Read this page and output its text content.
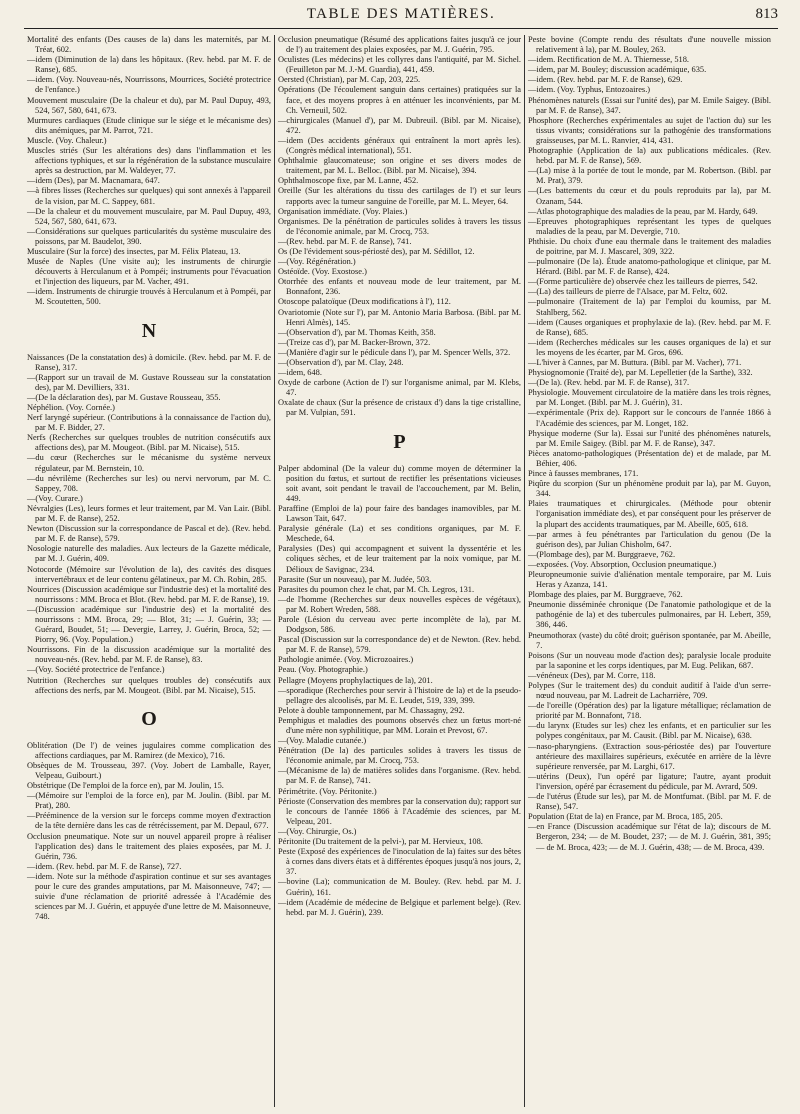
TABLE DES MATIÈRES.	813

Mortalité des enfants (Des causes de la) dans les maternités, par M. Tréat, 602.

—idem (Diminution de la) dans les hôpitaux. (Rev. hebd. par M. F. de Ranse), 685.

—idem. (Voy. Nouveau-nés, Nourrissons, Mourrices, Société protectrice de l'enfance.)

Mouvement musculaire (De la chaleur et du), par M. Paul Dupuy, 493, 524, 567, 580, 641, 673.

Murmures cardiaques (Etude clinique sur le siége et le mécanisme des) dits anémiques, par M. Parrot, 721.

Muscle. (Voy. Chaleur.)

Muscles striés (Sur les altérations des) dans l'inflammation et les affections typhiques, et sur la régénération de la substance musculaire après sa destruction, par M. Waldeyer, 77.

—idem (Des), par M. Macnamara, 647.

—à fibres lisses (Recherches sur quelques) qui sont annexés à l'appareil de la vision, par M. C. Sappey, 681.

—De la chaleur et du mouvement musculaire, par M. Paul Dupuy, 493, 524, 567, 580, 641, 673.

—Considérations sur quelques particularités du système musculaire des poissons, par M. Baudelot, 390.

Musculaire (Sur la force) des insectes, par M. Félix Plateau, 13.

Musée de Naples (Une visite au); les instruments de chirurgie découverts à Herculanum et à Pompéi; instruments pour l'évacuation et l'injection des liqueurs, par M. Vacher, 491.

—idem. Instruments de chirurgie trouvés à Herculanum et à Pompéi, par M. Scoutetten, 500.

N

Naissances (De la constatation des) à domicile. (Rev. hebd. par M. F. de Ranse), 317.

—(Rapport sur un travail de M. Gustave Rousseau sur la constatation des), par M. Devilliers, 331.

—(De la déclaration des), par M. Gustave Rousseau, 355.

Néphélion. (Voy. Cornée.)

Nerf laryngé supérieur. (Contributions à la connaissance de l'action du), par M. F. Bidder, 27.

Nerfs (Recherches sur quelques troubles de nutrition consécutifs aux affections des), par M. Mougeot. (Bibl. par M. Nicaise), 515.

—du cœur (Recherches sur le mécanisme du système nerveux régulateur, par M. Bernstein, 10.

—du névrilème (Recherches sur les) ou nervi nervorum, par M. C. Sappey, 708.

—(Voy. Curare.)

Névralgies (Les), leurs formes et leur traitement, par M. Van Lair. (Bibl. par M. F. de Ranse), 252.

Newton (Discussion sur la correspondance de Pascal et de). (Rev. hebd. par M. F. de Ranse), 579.

Nosologie naturelle des maladies. Aux lecteurs de la Gazette médicale, par M. J. Guérin, 409.

Notocorde (Mémoire sur l'évolution de la), des cavités des disques intervertébraux et de leur contenu gélatineux, par M. Ch. Robin, 285.

Nourrices (Discussion académique sur l'industrie des) et la mortalité des nourrissons : MM. Broca et Blot. (Rev. hebd. par M. F. de Ranse), 19.

—(Discussion académique sur l'industrie des) et la mortalité des nourrissons : MM. Broca, 29; — Blot, 31; — J. Guérin, 33; — Guérard, Boudet, 51; — Devergie, Larrey, J. Guérin, Broca, 52; — Piorry, 96. (Voy. Population.)

Nourrissons. Fin de la discussion académique sur la mortalité des nouveau-nés. (Rev. hebd. par M. F. de Ranse), 83.

—(Voy. Société protectrice de l'enfance.)

Nutrition (Recherches sur quelques troubles de) consécutifs aux affections des nerfs, par M. Mougeot. (Bibl. par M. Nicaise), 515.

O

Oblitération (De l') de veines jugulaires comme complication des affections cardiaques, par M. Ramirez (de Mexico), 716.

Obsèques de M. Trousseau, 397. (Voy. Jobert de Lamballe, Rayer, Velpeau, Guibourt.)

Obstétrique (De l'emploi de la force en), par M. Joulin, 15.

—(Mémoire sur l'emploi de la force en), par M. Joulin. (Bibl. par M. Prat), 280.

—Prééminence de la version sur le forceps comme moyen d'extraction de la tête dernière dans les cas de rétrécissement, par M. Depaul, 677.

Occlusion pneumatique. Note sur un nouvel appareil propre à réaliser l'application des) dans le traitement des plaies exposées, par M. J. Guérin, 736.

—idem. (Rev. hebd. par M. F. de Ranse), 727.

—idem. Note sur la méthode d'aspiration continue et sur ses avantages pour le cure des grandes amputations, par M. Maisonneuve, 747; — suivie d'une réclamation de priorité adressée à l'Académie des sciences par M. J. Guérin, et appuyée d'une lettre de M. Maisonneuve, 748.

Occlusion pneumatique (Résumé des applications faites jusqu'à ce jour de l') au traitement des plaies exposées, par M. J. Guérin, 795.

Oculistes (Les médecins) et les collyres dans l'antiquité, par M. Sichel. (Feuilleton par M. J.-M. Guardia), 441, 459.

Oersted (Christian), par M. Cap, 203, 225.

Opérations (De l'écoulement sanguin dans certaines) pratiquées sur la face, et des moyens propres à en atténuer les inconvénients, par M. Ch. Verneuil, 502.

—chirurgicales (Manuel d'), par M. Dubreuil. (Bibl. par M. Nicaise), 472.

—idem (Des accidents généraux qui entraînent la mort après les). (Congrès médical international), 551.

Ophthalmie glaucomateuse; son origine et ses divers modes de traitement, par M. L. Belloc. (Bibl. par M. Nicaise), 394.

Ophthalmoscope fixe, par M. Lanne, 452.

Oreille (Sur les altérations du tissu des cartilages de l') et sur leurs rapports avec la tumeur sanguine de l'oreille, par M. L. Meyer, 64.

Organisation immédiate. (Voy. Plaies.)

Organismes. De la pénétration de particules solides à travers les tissus de l'économie animale, par M. Crocq, 753.

—(Rev. hebd. par M. F. de Ranse), 741.

Os (De l'évidement sous-périosté des), par M. Sédillot, 12.

—(Voy. Régénération.)

Ostéoïde. (Voy. Exostose.)

Otorrhée des enfants et nouveau mode de leur traitement, par M. Bonnafont, 236.

Otoscope palatoïque (Deux modifications à l'), 112.

Ovariotomie (Note sur l'), par M. Antonio Maria Barbosa. (Bibl. par M. Henri Almès), 145.

—(Observation d'), par M. Thomas Keith, 358.

—(Treize cas d'), par M. Backer-Brown, 372.

—(Manière d'agir sur le pédicule dans l'), par M. Spencer Wells, 372.

—(Observation d'), par M. Clay, 248.

—idem, 648.

Oxyde de carbone (Action de l') sur l'organisme animal, par M. Klebs, 47.

Oxalate de chaux (Sur la présence de cristaux d') dans la tige cristalline, par M. Vulpian, 591.

P

Palper abdominal (De la valeur du) comme moyen de déterminer la position du fœtus, et surtout de rectifier les présentations vicieuses soit avant, soit pendant le travail de l'accouchement, par M. Belin, 449.

Paraffine (Emploi de la) pour faire des bandages inamovibles, par M. Lawson Tait, 647.

Paralysie générale (La) et ses conditions organiques, par M. F. Meschede, 64.

Paralysies (Des) qui accompagnent et suivent la dyssentérie et les coliques sèches, et de leur traitement par la noix vomique, par M. Délioux de Savignac, 234.

Parasite (Sur un nouveau), par M. Judée, 503.

Parasites du poumon chez le chat, par M. Ch. Legros, 131.

—de l'homme (Recherches sur deux nouvelles espèces de végétaux), par M. Robert Wreden, 588.

Parole (Lésion du cerveau avec perte incomplète de la), par M. Dodgson, 586.

Pascal (Discussion sur la correspondance de) et de Newton. (Rev. hebd. par M. F. de Ranse), 579.

Pathologie animée. (Voy. Microzoaires.)

Peau. (Voy. Photographie.)

Pellagre (Moyens prophylactiques de la), 201.

—sporadique (Recherches pour servir à l'histoire de la) et de la pseudo-pellagre des alcoolisés, par M. E. Leudet, 519, 339, 399.

Pelote à double tamponnement, par M. Chassagny, 292.

Pemphigus et maladies des poumons observés chez un fœtus mort-né d'une mère non syphilitique, par MM. Lorain et Prevost, 67.

—(Voy. Maladie cutanée.)

Pénétration (De la) des particules solides à travers les tissus de l'économie animale, par M. Crocq, 753.

—(Mécanisme de la) de matières solides dans l'organisme. (Rev. hebd. par M. F. de Ranse), 741.

Périmétrite. (Voy. Péritonite.)

Périoste (Conservation des membres par la conservation du); rapport sur le concours de l'année 1866 à l'Académie des sciences, par M. Velpeau, 201.

—(Voy. Chirurgie, Os.)

Péritonite (Du traitement de la pelvi-), par M. Hervieux, 108.

Peste (Exposé des expériences de l'inoculation de la) faites sur des bêtes à cornes dans divers états et à différentes époques jusqu'à nos jours, 2, 37.

—bovine (La); communication de M. Bouley. (Rev. hebd. par M. J. Guérin), 161.

—idem (Académie de médecine de Belgique et parlement belge). (Rev. hebd. par M. J. Guérin), 239.

Peste bovine (Compte rendu des résultats d'une nouvelle mission relativement à la), par M. Bouley, 263.

—idem. Rectification de M. A. Thiernesse, 518.

—idem, par M. Bouley; discussion académique, 635.

—idem. (Rev. hebd. par M. F. de Ranse), 629.

—idem. (Voy. Typhus, Entozoaires.)

Phénomènes naturels (Essai sur l'unité des), par M. Emile Saigey. (Bibl. par M. F. de Ranse), 347.

Phosphore (Recherches expérimentales au sujet de l'action du) sur les tissus vivants; considérations sur la pathogénie des transformations graisseuses, par M. L. Ranvier, 414, 431.

Photographie (Application de la) aux publications médicales. (Rev. hebd. par M. F. de Ranse), 569.

—(La) mise à la portée de tout le monde, par M. Robertson. (Bibl. par M. Prat), 379.

—(Les battements du cœur et du pouls reproduits par la), par M. Ozanam, 544.

—Atlas photographique des maladies de la peau, par M. Hardy, 649.

—Epreuves photographiques représentant les types de quelques maladies de la peau, par M. Devergie, 710.

Phthisie. Du choix d'une eau thermale dans le traitement des maladies de poitrine, par M. J. Mascarel, 309, 322.

—pulmonaire (De la). Étude anatomo-pathologique et clinique, par M. Hérard. (Bibl. par M. F. de Ranse), 424.

—(Forme particulière de) observée chez les tailleurs de pierres, 542.

—(La) des tailleurs de pierre de l'Alsace, par M. Feltz, 602.

—pulmonaire (Traitement de la) par l'emploi du koumiss, par M. Stahlberg, 562.

—idem (Causes organiques et prophylaxie de la). (Rev. hebd. par M. F. de Ranse), 685.

—idem (Recherches médicales sur les causes organiques de la) et sur les moyens de les écarter, par M. Gros, 696.

—L'hiver à Cannes, par M. Buttura. (Bibl. par M. Vacher), 771.

Physiognomonie (Traité de), par M. Lepelletier (de la Sarthe), 332.

—(De la). (Rev. hebd. par M. F. de Ranse), 317.

Physiologie. Mouvement circulatoire de la matière dans les trois règnes, par M. Longet. (Bibl. par M. J. Guérin), 31.

—expérimentale (Prix de). Rapport sur le concours de l'année 1866 à l'Académie des sciences, par M. Longet, 182.

Physique moderne (Sur la). Essai sur l'unité des phénomènes naturels, par M. Emile Saigey. (Bibl. par M. F. de Ranse), 347.

Pièces anatomo-pathologiques (Présentation de) et de malade, par M. Béhier, 406.

Pince à fausses membranes, 171.

Piqûre du scorpion (Sur un phénomène produit par la), par M. Guyon, 344.

Plaies traumatiques et chirurgicales. (Méthode pour obtenir l'organisation immédiate des), et par conséquent pour les préserver de la plupart des accidents traumatiques, par M. Abeille, 605, 618.

—par armes à feu pénétrantes par l'articulation du genou (De la guérison des), par Julian Chisholm, 647.

—(Plombage des), par M. Burggraeve, 762.

—exposées. (Voy. Absorption, Occlusion pneumatique.)

Pleuropneumonie suivie d'aliénation mentale temporaire, par M. Luis Heras y Azanza, 141.

Plombage des plaies, par M. Burggraeve, 762.

Pneumonie disséminée chronique (De l'anatomie pathologique et de la pathogénie de la) et des tubercules pulmonaires, par H. Lebert, 359, 386, 446.

Pneumothorax (vaste) du côté droit; guérison spontanée, par M. Abeille, 7.

Poisons (Sur un nouveau mode d'action des); paralysie locale produite par la saponine et les corps identiques, par M. Eug. Pelikan, 687.

—vénéneux (Des), par M. Corre, 118.

Polypes (Sur le traitement des) du conduit auditif à l'aide d'un serre-nœud nouveau, par M. Ladreit de Lacharrière, 709.

—de l'oreille (Opération des) par la ligature métallique; réclamation de priorité par M. Bonnafont, 718.

—du larynx (Etudes sur les) chez les enfants, et en particulier sur les polypes congénitaux, par M. Causit. (Bibl. par M. Nicaise), 638.

—naso-pharyngiens. (Extraction sous-périostée des) par l'ouverture antérieure des maxillaires supérieurs, exécutée en arrière de la lèvre supérieure renversée, par M. Larghi, 617.

—utérins (Deux), l'un opéré par ligature; l'autre, ayant produit l'inversion, opéré par écrasement du pédicule, par M. Avrard, 509.

—de l'utérus (Étude sur les), par M. de Montfumat. (Bibl. par M. F. de Ranse), 547.

Population (Etat de la) en France, par M. Broca, 185, 205.

—en France (Discussion académique sur l'état de la); discours de M. Bergeron, 234; — de M. Boudet, 237; — de M. J. Guérin, 381, 395; — de M. Broca, 423; — de M. J. Guérin, 438; — de M. Broca, 439.
